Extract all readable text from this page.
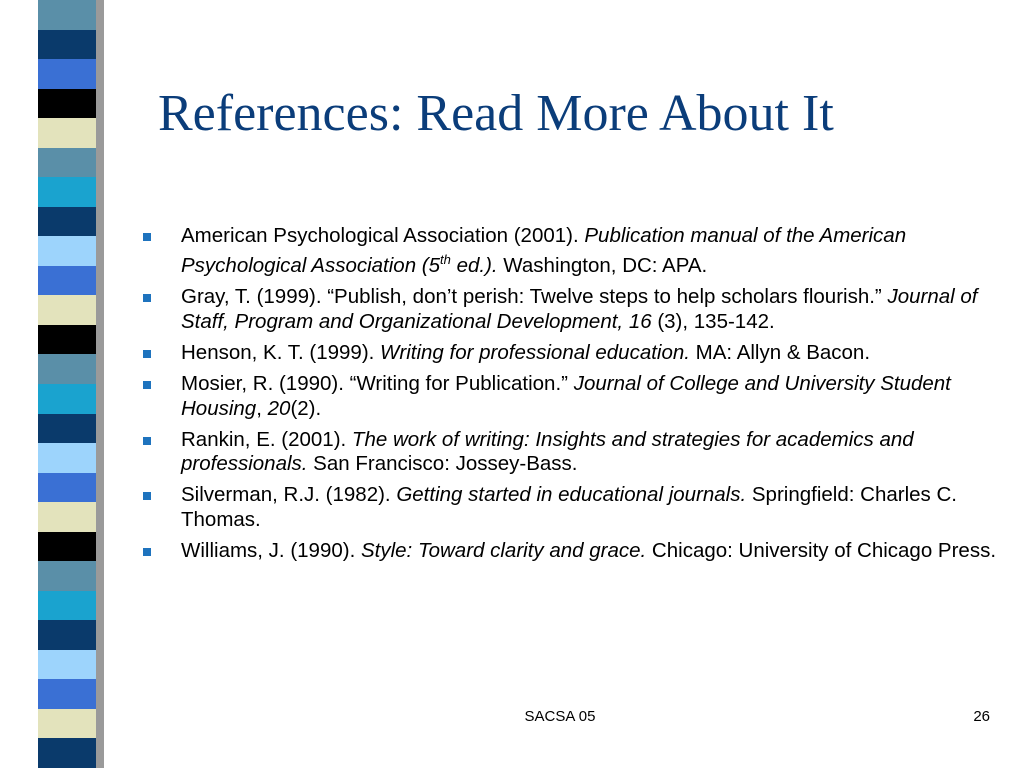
References: Read More About It
American Psychological Association (2001). Publication manual of the American Psychological Association (5th ed.). Washington, DC: APA.
Gray, T. (1999). “Publish, don’t perish: Twelve steps to help scholars flourish.” Journal of Staff, Program and Organizational Development, 16 (3), 135-142.
Henson, K. T. (1999). Writing for professional education. MA: Allyn & Bacon.
Mosier, R. (1990). “Writing for Publication.” Journal of College and University Student Housing, 20(2).
Rankin, E. (2001). The work of writing: Insights and strategies for academics and professionals. San Francisco: Jossey-Bass.
Silverman, R.J. (1982). Getting started in educational journals. Springfield: Charles C. Thomas.
Williams, J. (1990). Style: Toward clarity and grace. Chicago: University of Chicago Press.
SACSA 05	26
